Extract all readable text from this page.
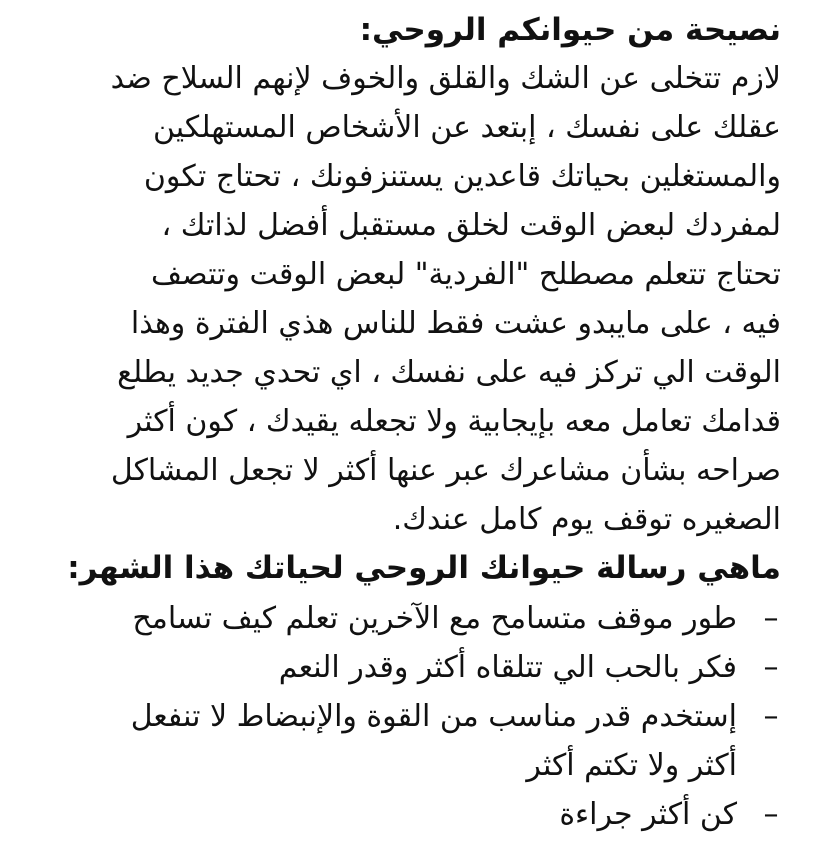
نصيحة من حيوانكم الروحي:
لازم تتخلى عن الشك والقلق والخوف لإنهم السلاح ضد
عقلك على نفسك ، إبتعد عن الأشخاص المستهلكين
والمستغلين بحياتك قاعدين يستنزفونك ، تحتاج تكون
لمفردك لبعض الوقت لخلق مستقبل أفضل لذاتك ،
تحتاج تتعلم مصطلح "الفردية" لبعض الوقت وتتصف
فيه ، على مايبدو عشت فقط للناس هذي الفترة وهذا
الوقت الي تركز فيه على نفسك ، اي تحدي جديد يطلع
قدامك تعامل معه بإيجابية ولا تجعله يقيدك ، كون أكثر
صراحه بشأن مشاعرك عبر عنها أكثر لا تجعل المشاكل
الصغيره توقف يوم كامل عندك.
ماهي رسالة حيوانك الروحي لحياتك هذا الشهر:
–
طور موقف متسامح مع الآخرين تعلم كيف تسامح
–
فكر بالحب الي تتلقاه أكثر وقدر النعم
–
إستخدم قدر مناسب من القوة والإنبضاط لا تنفعل
أكثر ولا تكتم أكثر
–
كن أكثر جراءة
